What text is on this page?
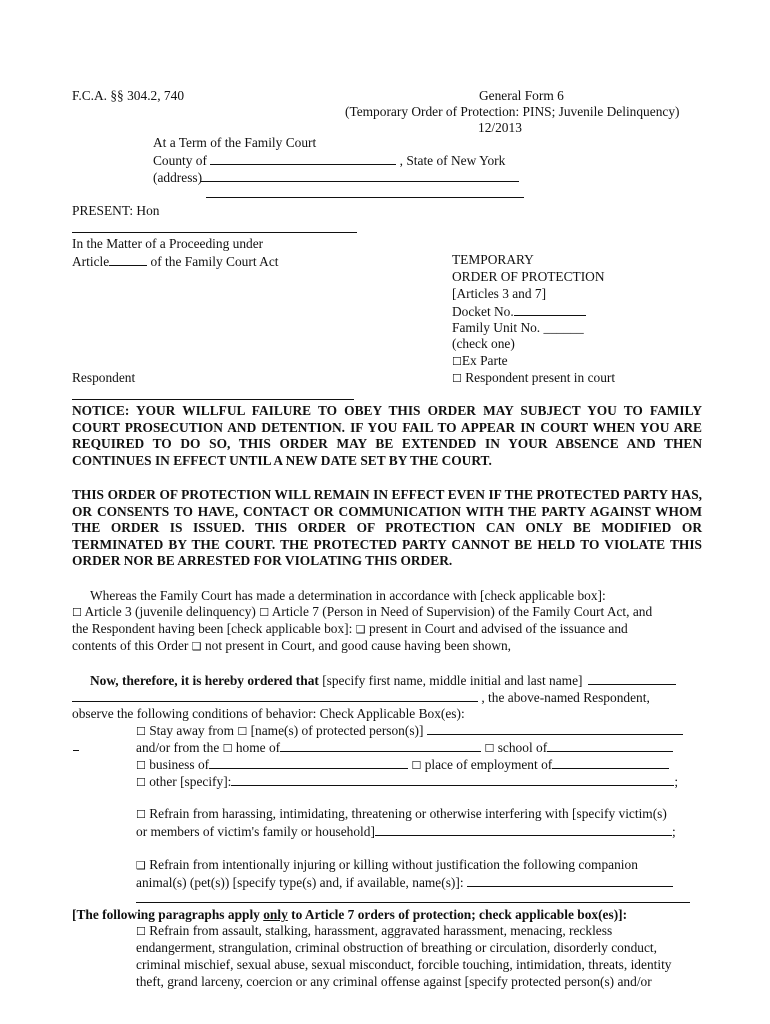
F.C.A. §§ 304.2, 740	General Form 6
(Temporary Order of Protection: PINS; Juvenile Delinquency)
12/2013
At a Term of the Family Court
County of	, State of New York
(address)
PRESENT: Hon
In the Matter of a Proceeding under
Article	of the Family Court Act
Respondent
TEMPORARY
ORDER OF PROTECTION
[Articles 3 and 7]
Docket No.
Family Unit No. ______
(check one)
☐Ex Parte
☐ Respondent present in court
NOTICE: YOUR WILLFUL FAILURE TO OBEY THIS ORDER MAY SUBJECT YOU TO FAMILY COURT PROSECUTION AND DETENTION. IF YOU FAIL TO APPEAR IN COURT WHEN YOU ARE REQUIRED TO DO SO, THIS ORDER MAY BE EXTENDED IN YOUR ABSENCE AND THEN CONTINUES IN EFFECT UNTIL A NEW DATE SET BY THE COURT.
THIS ORDER OF PROTECTION WILL REMAIN IN EFFECT EVEN IF THE PROTECTED PARTY HAS, OR CONSENTS TO HAVE, CONTACT OR COMMUNICATION WITH THE PARTY AGAINST WHOM THE ORDER IS ISSUED. THIS ORDER OF PROTECTION CAN ONLY BE MODIFIED OR TERMINATED BY THE COURT. THE PROTECTED PARTY CANNOT BE HELD TO VIOLATE THIS ORDER NOR BE ARRESTED FOR VIOLATING THIS ORDER.
Whereas the Family Court has made a determination in accordance with [check applicable box]:
☐ Article 3 (juvenile delinquency) ☐ Article 7 (Person in Need of Supervision) of the Family Court Act, and
the Respondent having been [check applicable box]: ❑ present in Court and advised of the issuance and
contents of this Order ❑ not present in Court, and good cause having been shown,
Now, therefore, it is hereby ordered that [specify first name, middle initial and last name]
, the above-named Respondent,
observe the following conditions of behavior: Check Applicable Box(es):
☐ Stay away from ☐ [name(s) of protected person(s)]
and/or from the ☐ home of	☐ school of
☐ business of	☐ place of employment of
☐ other [specify]:	;
☐ Refrain from harassing, intimidating, threatening or otherwise interfering with [specify victim(s)
or members of victim's family or household]	;
❑ Refrain from intentionally injuring or killing without justification the following companion
animal(s) (pet(s)) [specify type(s) and, if available, name(s)]:
[The following paragraphs apply only to Article 7 orders of protection; check applicable box(es)]:
☐ Refrain from assault, stalking, harassment, aggravated harassment, menacing, reckless
endangerment, strangulation, criminal obstruction of breathing or circulation, disorderly conduct,
criminal mischief, sexual abuse, sexual misconduct, forcible touching, intimidation, threats, identity
theft, grand larceny, coercion or any criminal offense against [specify protected person(s) and/or
